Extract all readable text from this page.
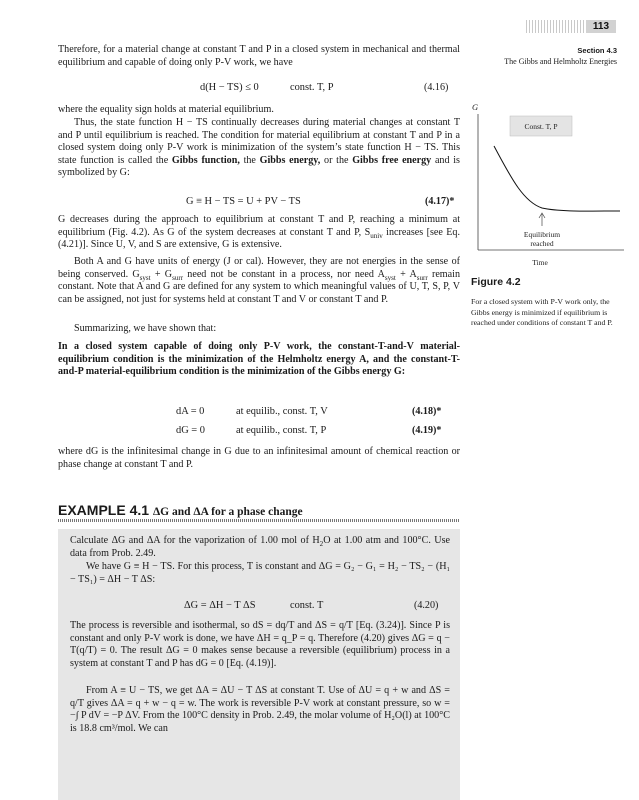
113
Section 4.3
The Gibbs and Helmholtz Energies

Therefore, for a material change at constant T and P in a closed system in mechanical and thermal equilibrium and capable of doing only P-V work, we have

d(H − TS) ≤ 0	const. T, P	(4.16)

where the equality sign holds at material equilibrium.

Thus, the state function H − TS continually decreases during material changes at constant T and P until equilibrium is reached. The condition for material equilibrium at constant T and P in a closed system doing only P-V work is minimization of the system’s state function H − TS. This state function is called the Gibbs function, the Gibbs energy, or the Gibbs free energy and is symbolized by G:

G ≡ H − TS = U + PV − TS	(4.17)*

G decreases during the approach to equilibrium at constant T and P, reaching a minimum at equilibrium (Fig. 4.2). As G of the system decreases at constant T and P, $S_{univ}$ increases [see Eq. (4.21)]. Since U, V, and S are extensive, G is extensive.

Both A and G have units of energy (J or cal). However, they are not energies in the sense of being conserved. $G_{syst} + G_{surr}$ need not be constant in a process, nor need $A_{syst} + A_{surr}$ remain constant. Note that A and G are defined for any system to which meaningful values of U, T, S, P, V can be assigned, not just for systems held at constant T and V or constant T and P.

Summarizing, we have shown that:

In a closed system capable of doing only P-V work, the constant-T-and-V material-equilibrium condition is the minimization of the Helmholtz energy A, and the constant-T-and-P material-equilibrium condition is the minimization of the Gibbs energy G:

dA = 0	at equilib., const. T, V	(4.18)*
dG = 0	at equilib., const. T, P	(4.19)*

where dG is the infinitesimal change in G due to an infinitesimal amount of chemical reaction or phase change at constant T and P.

G
Const. T, P
Equilibrium
reached
Time
Figure 4.2
For a closed system with P-V work only, the Gibbs energy is minimized if equilibrium is reached under conditions of constant T and P.
EXAMPLE 4.1 ΔG and ΔA for a phase change

Calculate ΔG and ΔA for the vaporization of 1.00 mol of $H_2O$ at 1.00 atm and 100°C. Use data from Prob. 2.49.

We have G ≡ H − TS. For this process, T is constant and ΔG = G₂ − G₁ = H₂ − TS₂ − (H₁ − TS₁) = ΔH − T ΔS:

ΔG = ΔH − T ΔS	const. T	(4.20)

The process is reversible and isothermal, so dS = dq/T and ΔS = q/T [Eq. (3.24)]. Since P is constant and only P-V work is done, we have ΔH = q_P = q. Therefore (4.20) gives ΔG = q − T(q/T) = 0. The result ΔG = 0 makes sense because a reversible (equilibrium) process in a system at constant T and P has dG = 0 [Eq. (4.19)].

From A ≡ U − TS, we get ΔA = ΔU − T ΔS at constant T. Use of ΔU = q + w and ΔS = q/T gives ΔA = q + w − q = w. The work is reversible P-V work at constant pressure, so w = −∫ P dV = −P ΔV. From the 100°C density in Prob. 2.49, the molar volume of H₂O(l) at 100°C is 18.8 cm³/mol. We can
